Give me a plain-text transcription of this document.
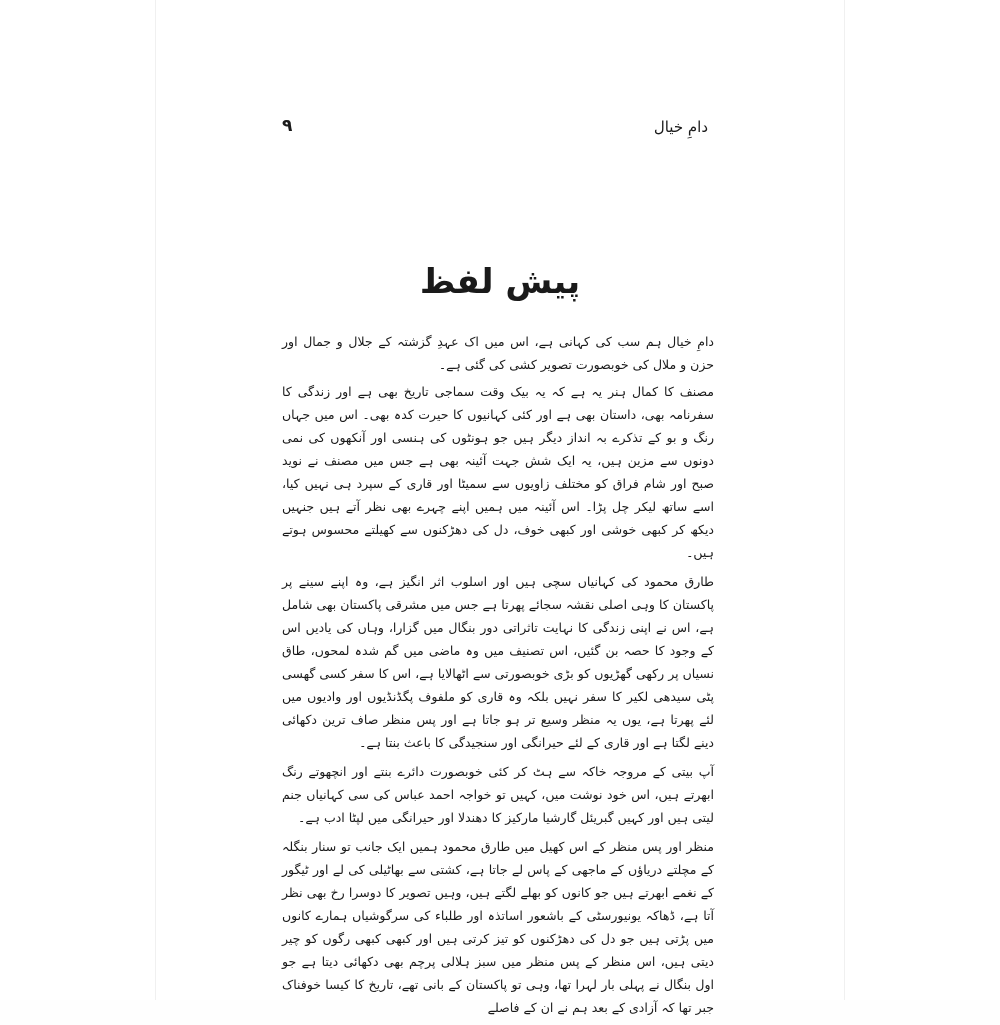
دامِ خیال
۹
پیش لفظ

دامِ خیال ہم سب کی کہانی ہے، اس میں اک عہدِ گزشتہ کے جلال و جمال اور حزن و ملال کی خوبصورت تصویر کشی کی گئی ہے۔

مصنف کا کمال ہنر یہ ہے کہ یہ بیک وقت سماجی تاریخ بھی ہے اور زندگی کا سفرنامہ بھی، داستان بھی ہے اور کئی کہانیوں کا حیرت کدہ بھی۔ اس میں جہاں رنگ و بو کے تذکرے بہ انداز دیگر ہیں جو ہونٹوں کی ہنسی اور آنکھوں کی نمی دونوں سے مزین ہیں، یہ ایک شش جہت آئینہ بھی ہے جس میں مصنف نے نوید صبح اور شام فراق کو مختلف زاویوں سے سمیٹا اور قاری کے سپرد ہی نہیں کیا، اسے ساتھ لیکر چل پڑا۔ اس آئینہ میں ہمیں اپنے چہرے بھی نظر آتے ہیں جنہیں دیکھ کر کبھی خوشی اور کبھی خوف، دل کی دھڑکنوں سے کھیلتے محسوس ہوتے ہیں۔

طارق محمود کی کہانیاں سچی ہیں اور اسلوب اثر انگیز ہے، وہ اپنے سینے پر پاکستان کا وہی اصلی نقشہ سجائے پھرتا ہے جس میں مشرقی پاکستان بھی شامل ہے، اس نے اپنی زندگی کا نہایت تاثراتی دور بنگال میں گزارا، وہاں کی یادیں اس کے وجود کا حصہ بن گئیں، اس تصنیف میں وہ ماضی میں گم شدہ لمحوں، طاق نسیاں پر رکھی گھڑیوں کو بڑی خوبصورتی سے اٹھالایا ہے، اس کا سفر کسی گھسی پٹی سیدھی لکیر کا سفر نہیں بلکہ وہ قاری کو ملفوف پگڈنڈیوں اور وادیوں میں لئے پھرتا ہے، یوں یہ منظر وسیع تر ہو جاتا ہے اور پس منظر صاف ترین دکھائی دینے لگتا ہے اور قاری کے لئے حیرانگی اور سنجیدگی کا باعث بنتا ہے۔

آپ بیتی کے مروجہ خاکہ سے ہٹ کر کئی خوبصورت دائرے بنتے اور انچھوتے رنگ ابھرتے ہیں، اس خود نوشت میں، کہیں تو خواجہ احمد عباس کی سی کہانیاں جنم لیتی ہیں اور کہیں گبریئل گارشیا مارکیز کا دھندلا اور حیرانگی میں لپٹا ادب ہے۔

منظر اور پس منظر کے اس کھیل میں طارق محمود ہمیں ایک جانب تو سنار بنگلہ کے مچلتے دریاؤں کے ماجھی کے پاس لے جاتا ہے، کشتی سے بھاٹیلی کی لے اور ٹیگور کے نغمے ابھرتے ہیں جو کانوں کو بھلے لگتے ہیں، وہیں تصویر کا دوسرا رخ بھی نظر آتا ہے، ڈھاکہ یونیورسٹی کے باشعور اساتذہ اور طلباء کی سرگوشیاں ہمارے کانوں میں پڑتی ہیں جو دل کی دھڑکنوں کو تیز کرتی ہیں اور کبھی کبھی رگوں کو چیر دیتی ہیں، اس منظر کے پس منظر میں سبز ہلالی پرچم بھی دکھائی دیتا ہے جو اول بنگال نے پہلی بار لہرا تھا، وہی تو پاکستان کے بانی تھے، تاریخ کا کیسا خوفناک جبر تھا کہ آزادی کے بعد ہم نے ان کے فاصلے
